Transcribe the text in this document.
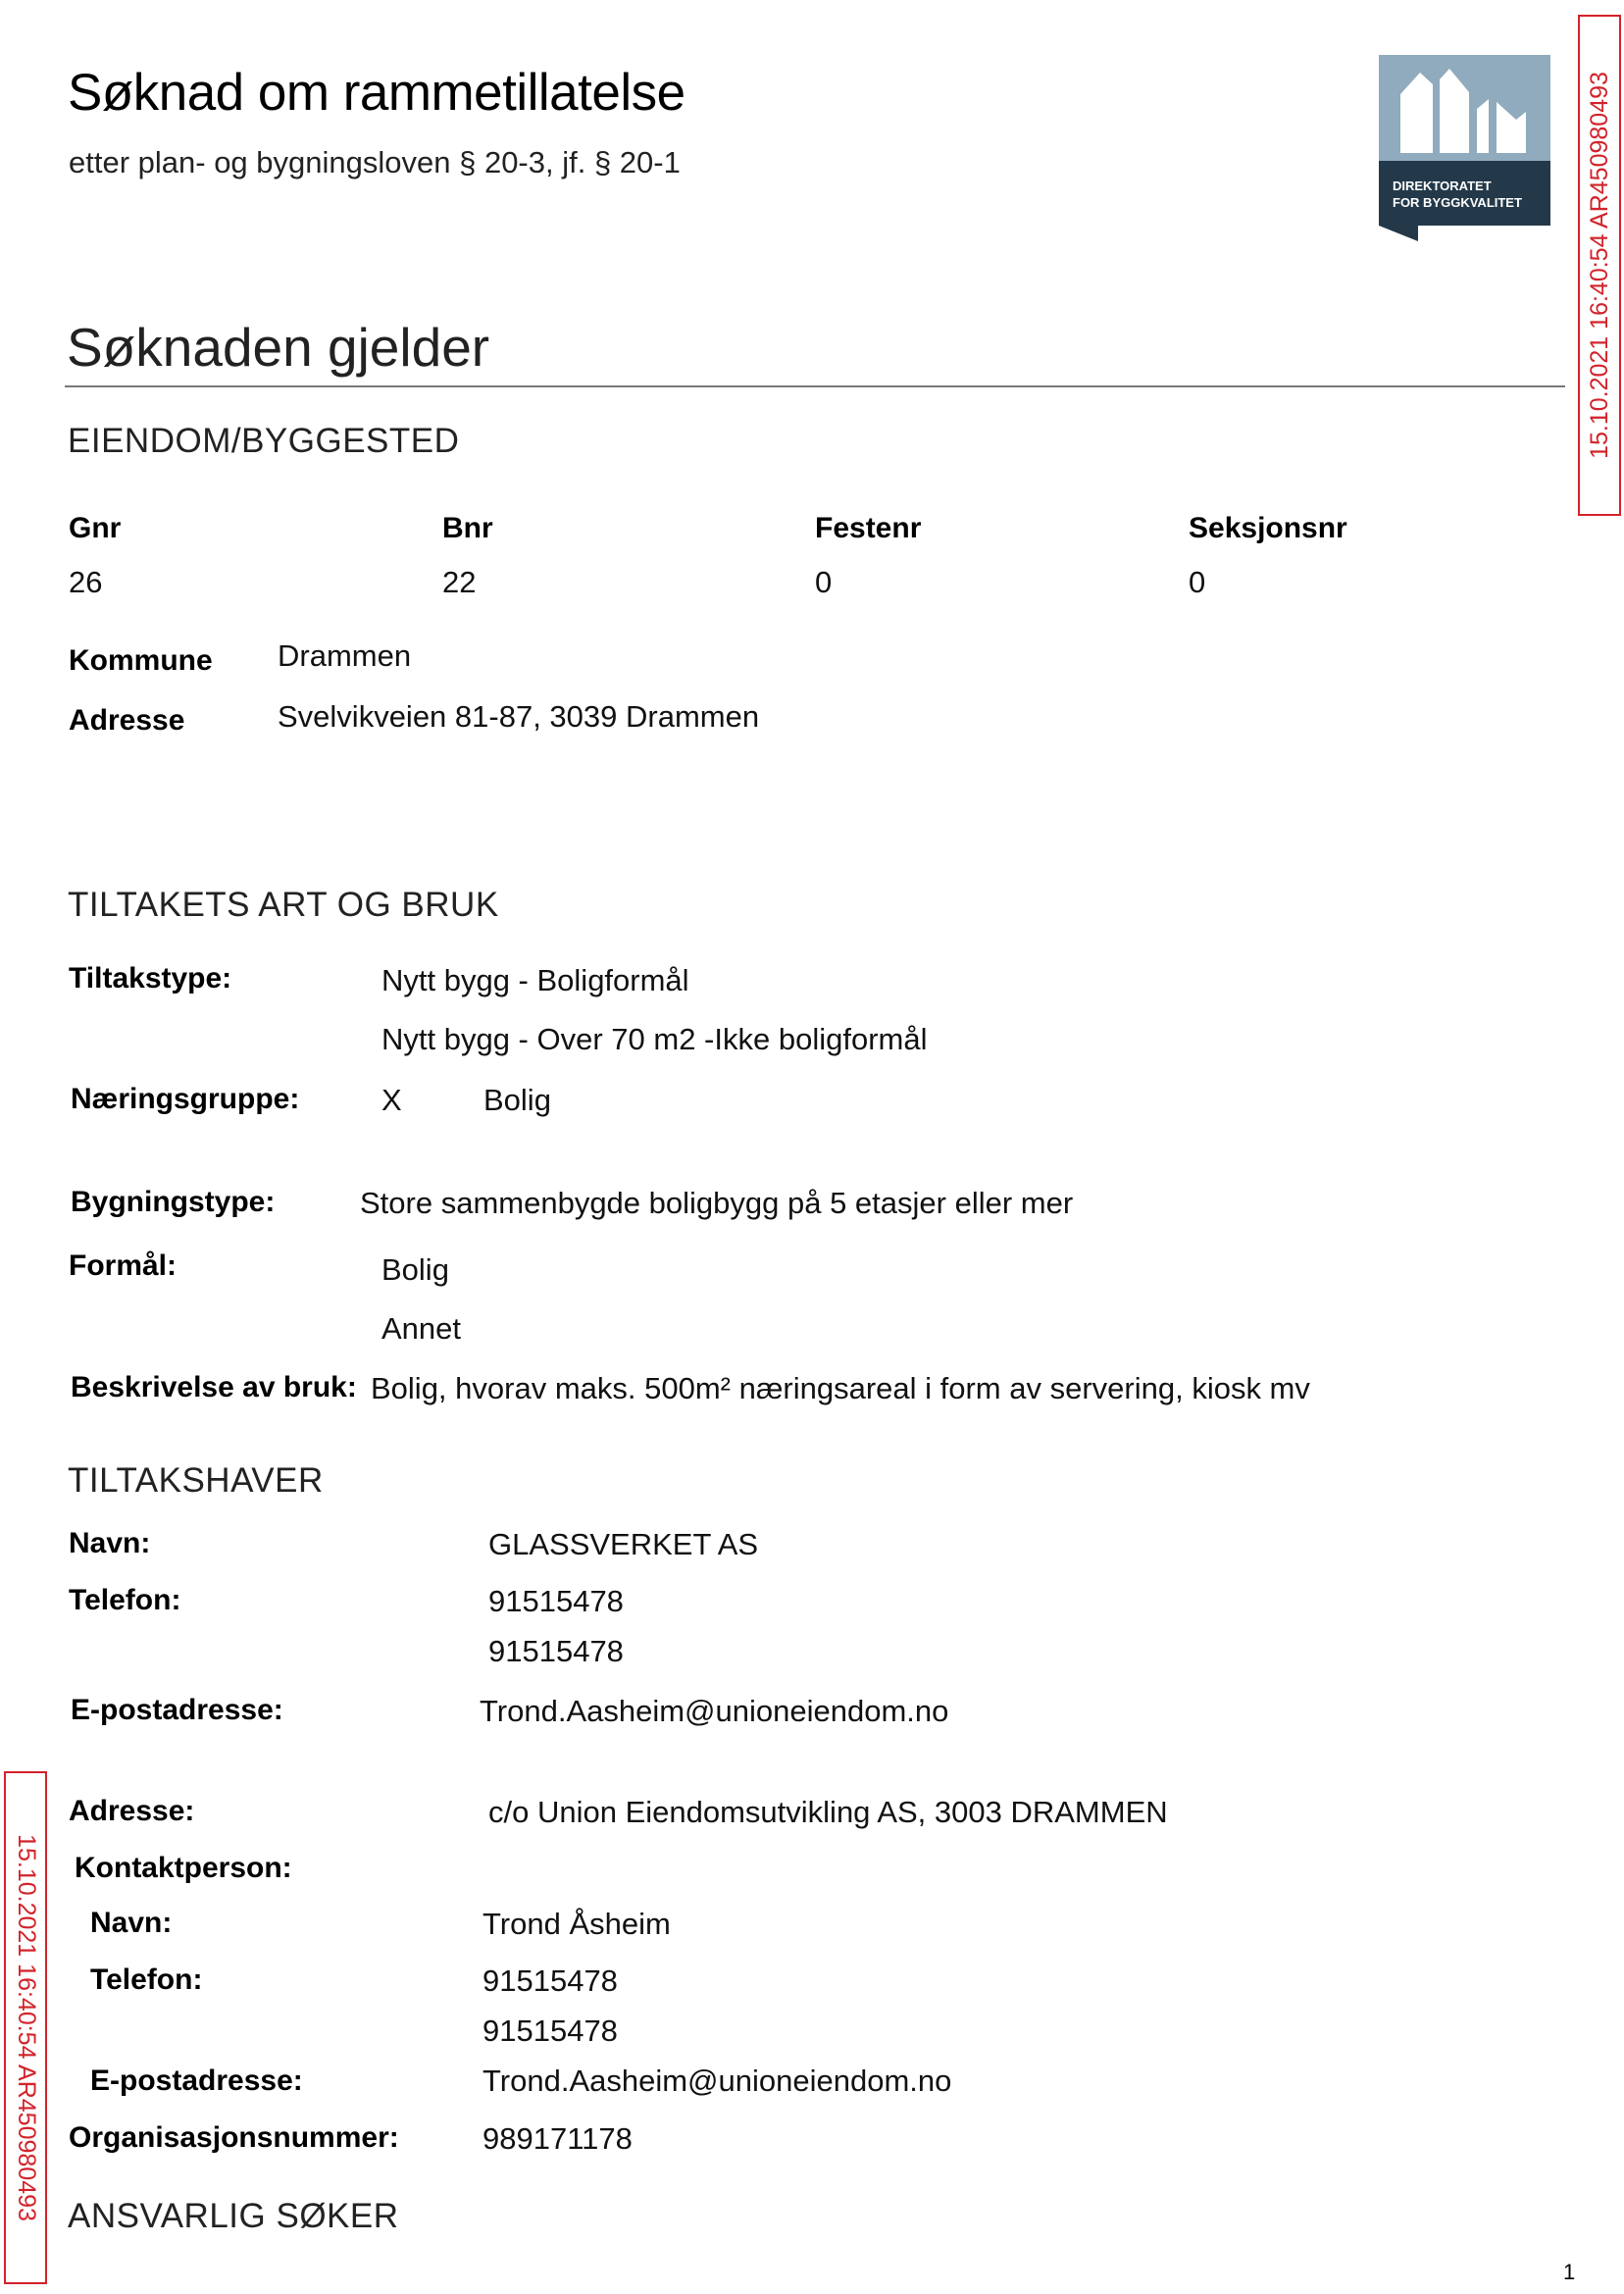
Søknad om rammetillatelse
etter plan- og bygningsloven § 20-3, jf. § 20-1
DIREKTORATET
FOR BYGGKVALITET	15.10.2021 16:40:54 AR450980493
15.10.2021 16:40:54 AR450980493
Søknaden gjelder
EIENDOM/BYGGESTED
Gnr	Bnr	Festenr	Seksjonsnr
26	22	0	0
Kommune Drammen
Adresse	Svelvikveien 81-87, 3039 Drammen
TILTAKETS ART OG BRUK
Tiltakstype:	Nytt bygg - Boligformål
Nytt bygg - Over 70 m2 -Ikke boligformål
Næringsgruppe:	X	Bolig
Bygningstype:	Store sammenbygde boligbygg på 5 etasjer eller mer
Formål:	Bolig
Annet
Beskrivelse av bruk: Bolig, hvorav maks. 500m² næringsareal i form av servering, kiosk mv
TILTAKSHAVER
Navn:	GLASSVERKET AS
Telefon:	91515478
91515478
E-postadresse:	Trond.Aasheim@unioneiendom.no
Adresse:	c/o Union Eiendomsutvikling AS, 3003 DRAMMEN
Kontaktperson:
Navn:	Trond Åsheim
Telefon:	91515478
91515478
E-postadresse:	Trond.Aasheim@unioneiendom.no
Organisasjonsnummer:	989171178
ANSVARLIG SØKER
1
